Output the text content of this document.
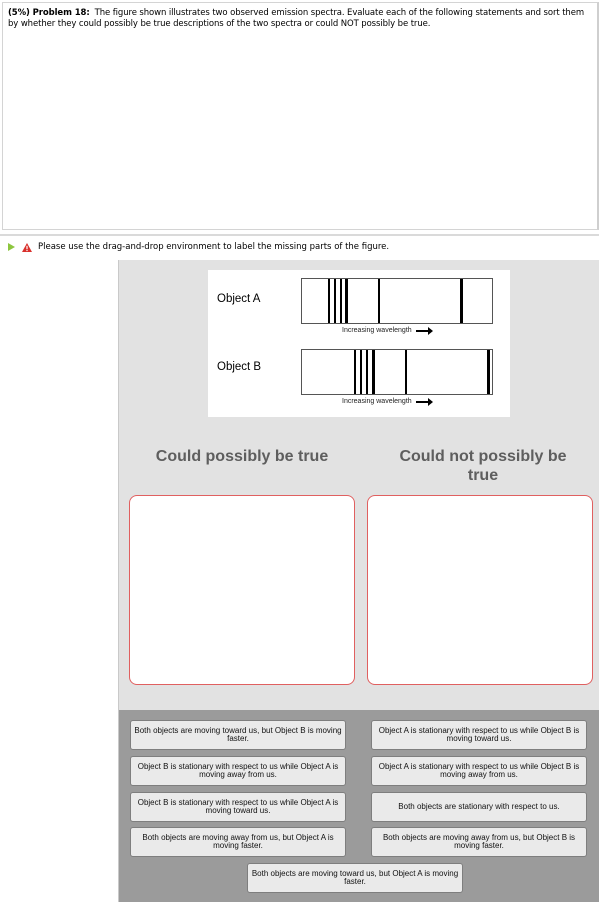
(5%) Problem 18: The figure shown illustrates two observed emission spectra. Evaluate each of the following statements and sort them by whether they could possibly be true descriptions of the two spectra or could NOT possibly be true.
Please use the drag-and-drop environment to label the missing parts of the figure.
Object A
Increasing wavelength
Object B
Increasing wavelength
Could possibly be true	Could not possibly be true
Both objects are moving toward us, but Object B is moving faster.
Object A is stationary with respect to us while Object B is moving toward us.
Object B is stationary with respect to us while Object A is moving away from us.
Object A is stationary with respect to us while Object B is moving away from us.
Object B is stationary with respect to us while Object A is moving toward us.	Both objects are stationary with respect to us.
Both objects are moving away from us, but Object A is moving faster.
Both objects are moving away from us, but Object B is moving faster.
Both objects are moving toward us, but Object A is moving faster.
